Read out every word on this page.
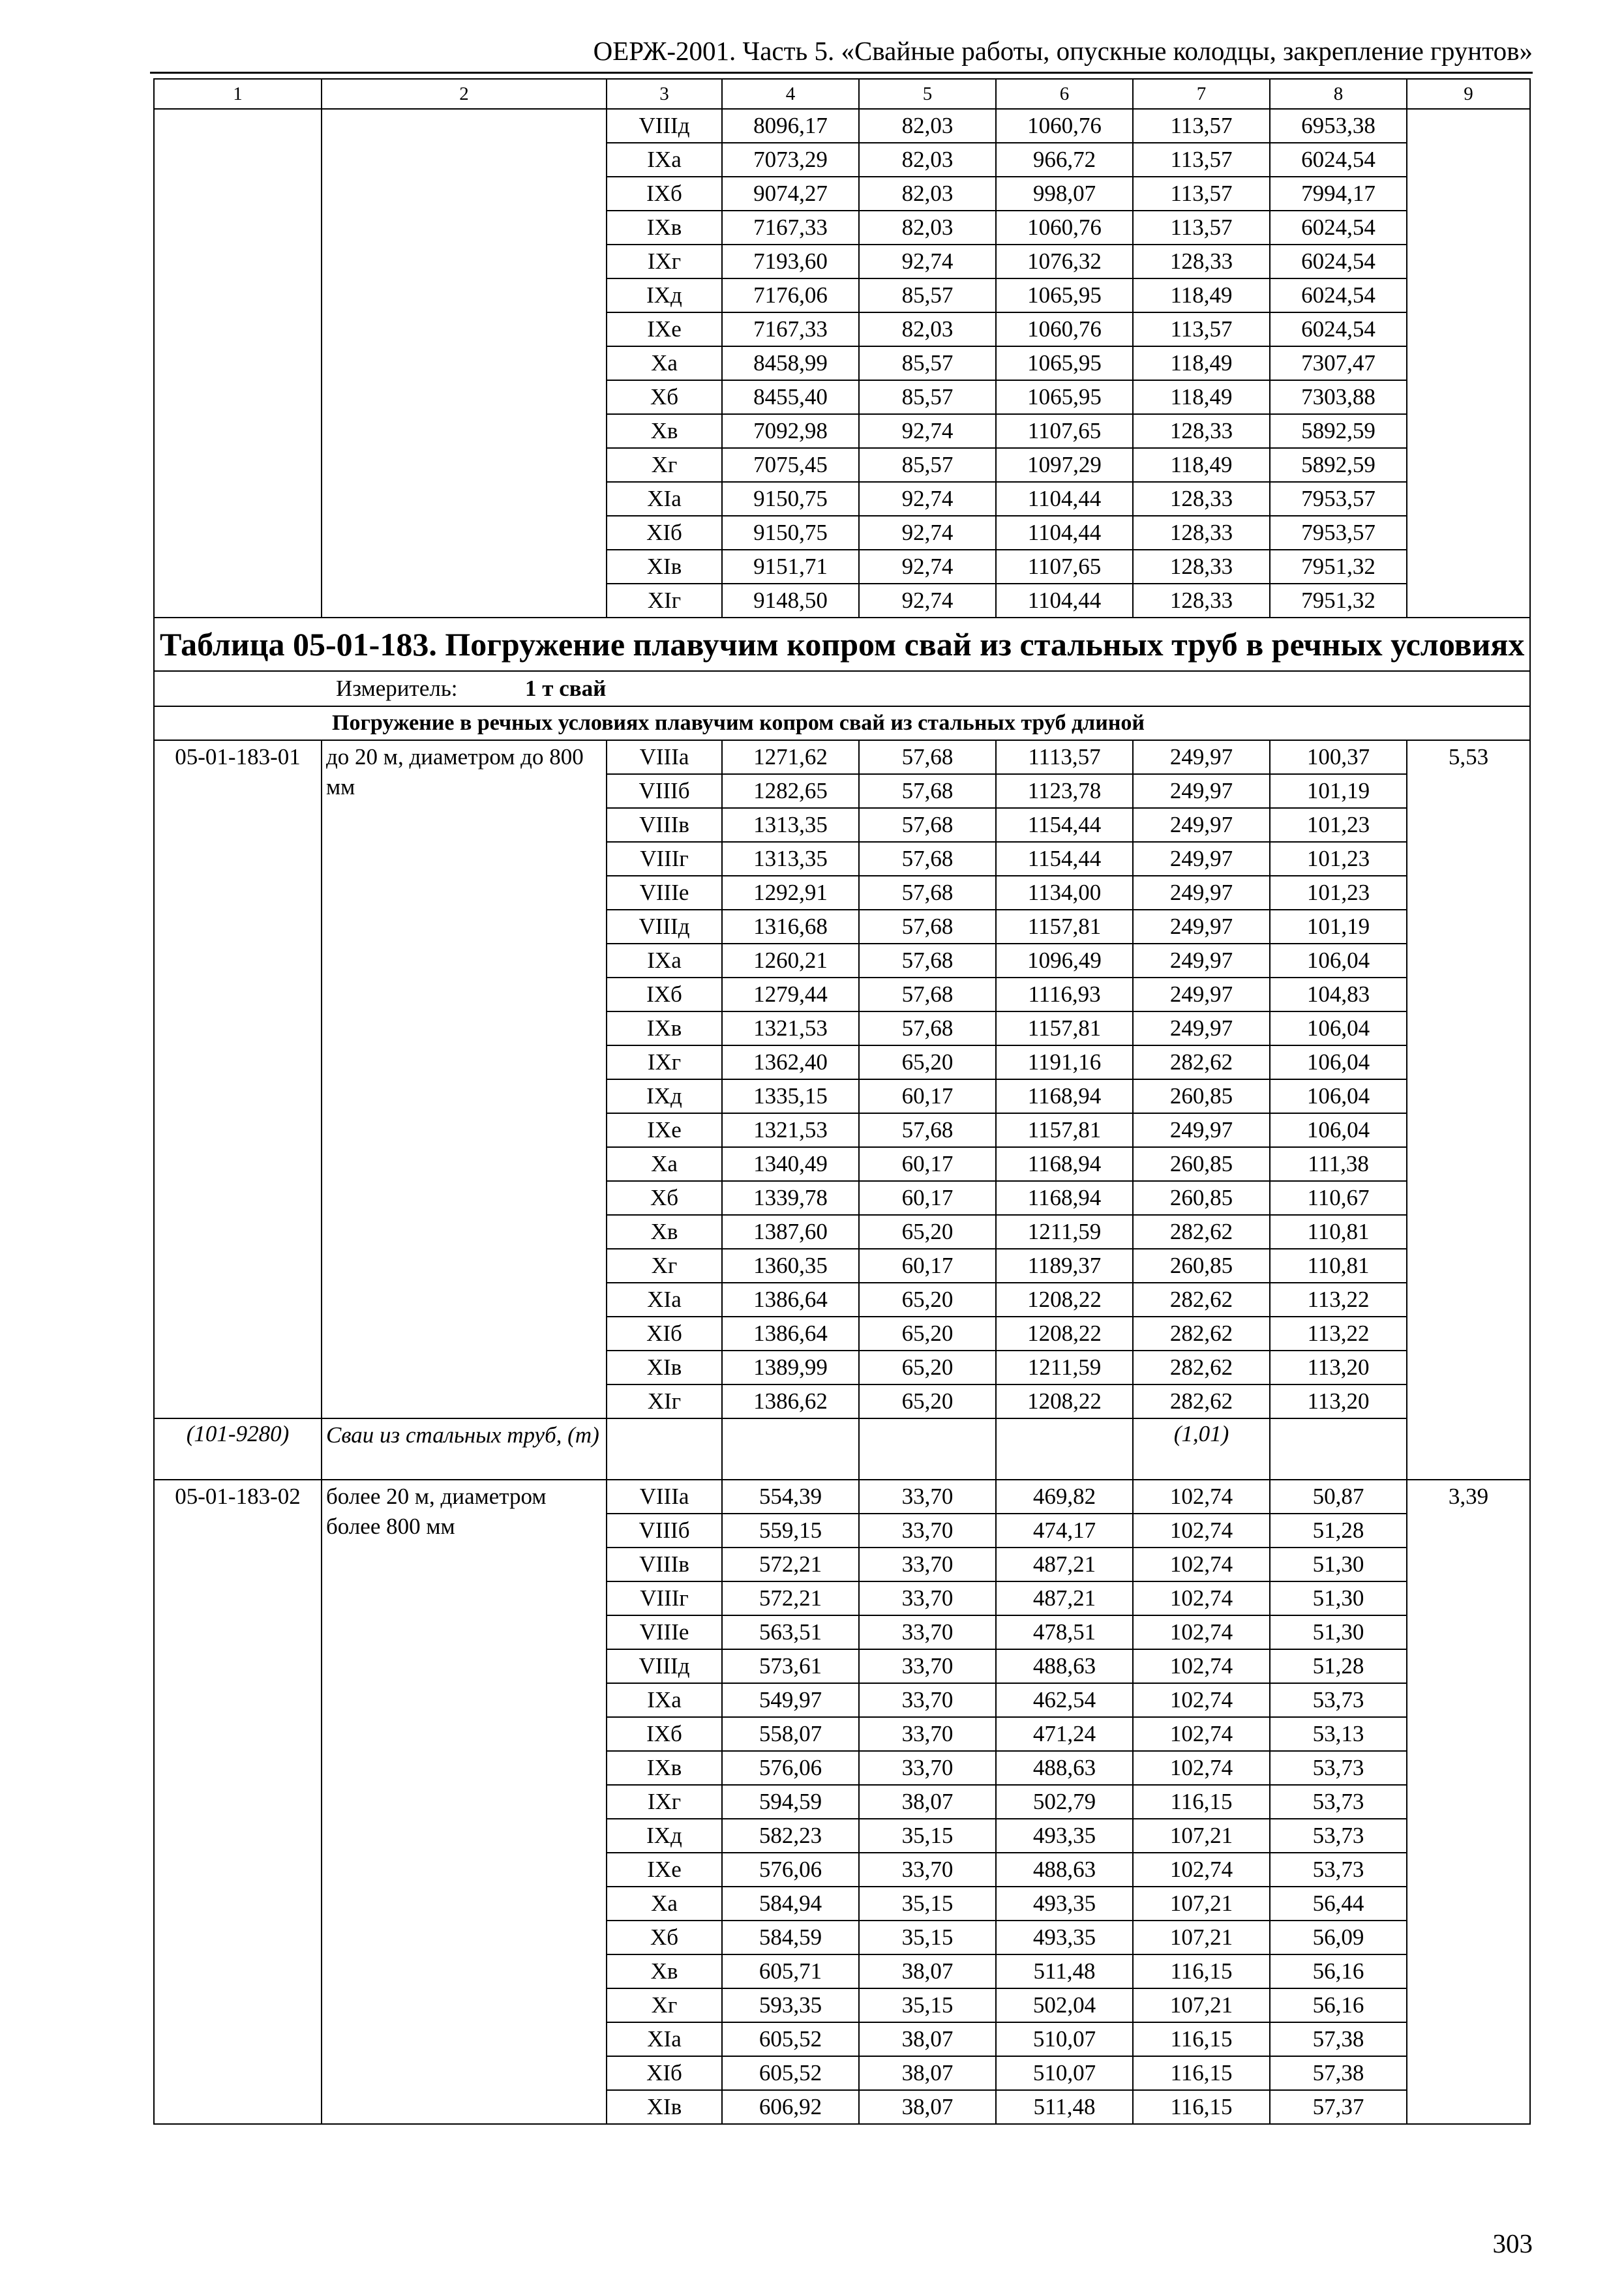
ОЕРЖ-2001. Часть 5. «Свайные работы, опускные колодцы, закрепление грунтов»
1	2	3	4	5	6	7	8	9
		VIIIд	8096,17	82,03	1060,76	113,57	6953,38	
		IXa	7073,29	82,03	966,72	113,57	6024,54	
		IXб	9074,27	82,03	998,07	113,57	7994,17	
		IXв	7167,33	82,03	1060,76	113,57	6024,54	
		IXг	7193,60	92,74	1076,32	128,33	6024,54	
		IXд	7176,06	85,57	1065,95	118,49	6024,54	
		IXe	7167,33	82,03	1060,76	113,57	6024,54	
		Xa	8458,99	85,57	1065,95	118,49	7307,47	
		Xб	8455,40	85,57	1065,95	118,49	7303,88	
		Xв	7092,98	92,74	1107,65	128,33	5892,59	
		Xг	7075,45	85,57	1097,29	118,49	5892,59	
		XIa	9150,75	92,74	1104,44	128,33	7953,57	
		XIб	9150,75	92,74	1104,44	128,33	7953,57	
		XIв	9151,71	92,74	1107,65	128,33	7951,32	
		XIг	9148,50	92,74	1104,44	128,33	7951,32	
Таблица 05-01-183. Погружение плавучим копром свай из стальных труб в речных условиях								
Измеритель: 1 т свай								
Погружение в речных условиях плавучим копром свай из стальных труб длиной								
05-01-183-01	до 20 м, диаметром до 800 мм	VIIIa	1271,62	57,68	1113,57	249,97	100,37	5,53
		VIIIб	1282,65	57,68	1123,78	249,97	101,19	
		VIIIв	1313,35	57,68	1154,44	249,97	101,23	
		VIIIг	1313,35	57,68	1154,44	249,97	101,23	
		VIIIe	1292,91	57,68	1134,00	249,97	101,23	
		VIIIд	1316,68	57,68	1157,81	249,97	101,19	
		IXa	1260,21	57,68	1096,49	249,97	106,04	
		IXб	1279,44	57,68	1116,93	249,97	104,83	
		IXв	1321,53	57,68	1157,81	249,97	106,04	
		IXг	1362,40	65,20	1191,16	282,62	106,04	
		IXд	1335,15	60,17	1168,94	260,85	106,04	
		IXe	1321,53	57,68	1157,81	249,97	106,04	
		Xa	1340,49	60,17	1168,94	260,85	111,38	
		Xб	1339,78	60,17	1168,94	260,85	110,67	
		Xв	1387,60	65,20	1211,59	282,62	110,81	
		Xг	1360,35	60,17	1189,37	260,85	110,81	
		XIa	1386,64	65,20	1208,22	282,62	113,22	
		XIб	1386,64	65,20	1208,22	282,62	113,22	
		XIв	1389,99	65,20	1211,59	282,62	113,20	
		XIг	1386,62	65,20	1208,22	282,62	113,20	
(101-9280)	Сваи из стальных труб, (т)					(1,01)	
05-01-183-02	более 20 м, диаметром более 800 мм	VIIIa	554,39	33,70	469,82	102,74	50,87	3,39
		VIIIб	559,15	33,70	474,17	102,74	51,28	
		VIIIв	572,21	33,70	487,21	102,74	51,30	
		VIIIг	572,21	33,70	487,21	102,74	51,30	
		VIIIe	563,51	33,70	478,51	102,74	51,30	
		VIIIд	573,61	33,70	488,63	102,74	51,28	
		IXa	549,97	33,70	462,54	102,74	53,73	
		IXб	558,07	33,70	471,24	102,74	53,13	
		IXв	576,06	33,70	488,63	102,74	53,73	
		IXг	594,59	38,07	502,79	116,15	53,73	
		IXд	582,23	35,15	493,35	107,21	53,73	
		IXe	576,06	33,70	488,63	102,74	53,73	
		Xa	584,94	35,15	493,35	107,21	56,44	
		Xб	584,59	35,15	493,35	107,21	56,09	
		Xв	605,71	38,07	511,48	116,15	56,16	
		Xг	593,35	35,15	502,04	107,21	56,16	
		XIa	605,52	38,07	510,07	116,15	57,38	
		XIб	605,52	38,07	510,07	116,15	57,38	
		XIв	606,92	38,07	511,48	116,15	57,37	
303
